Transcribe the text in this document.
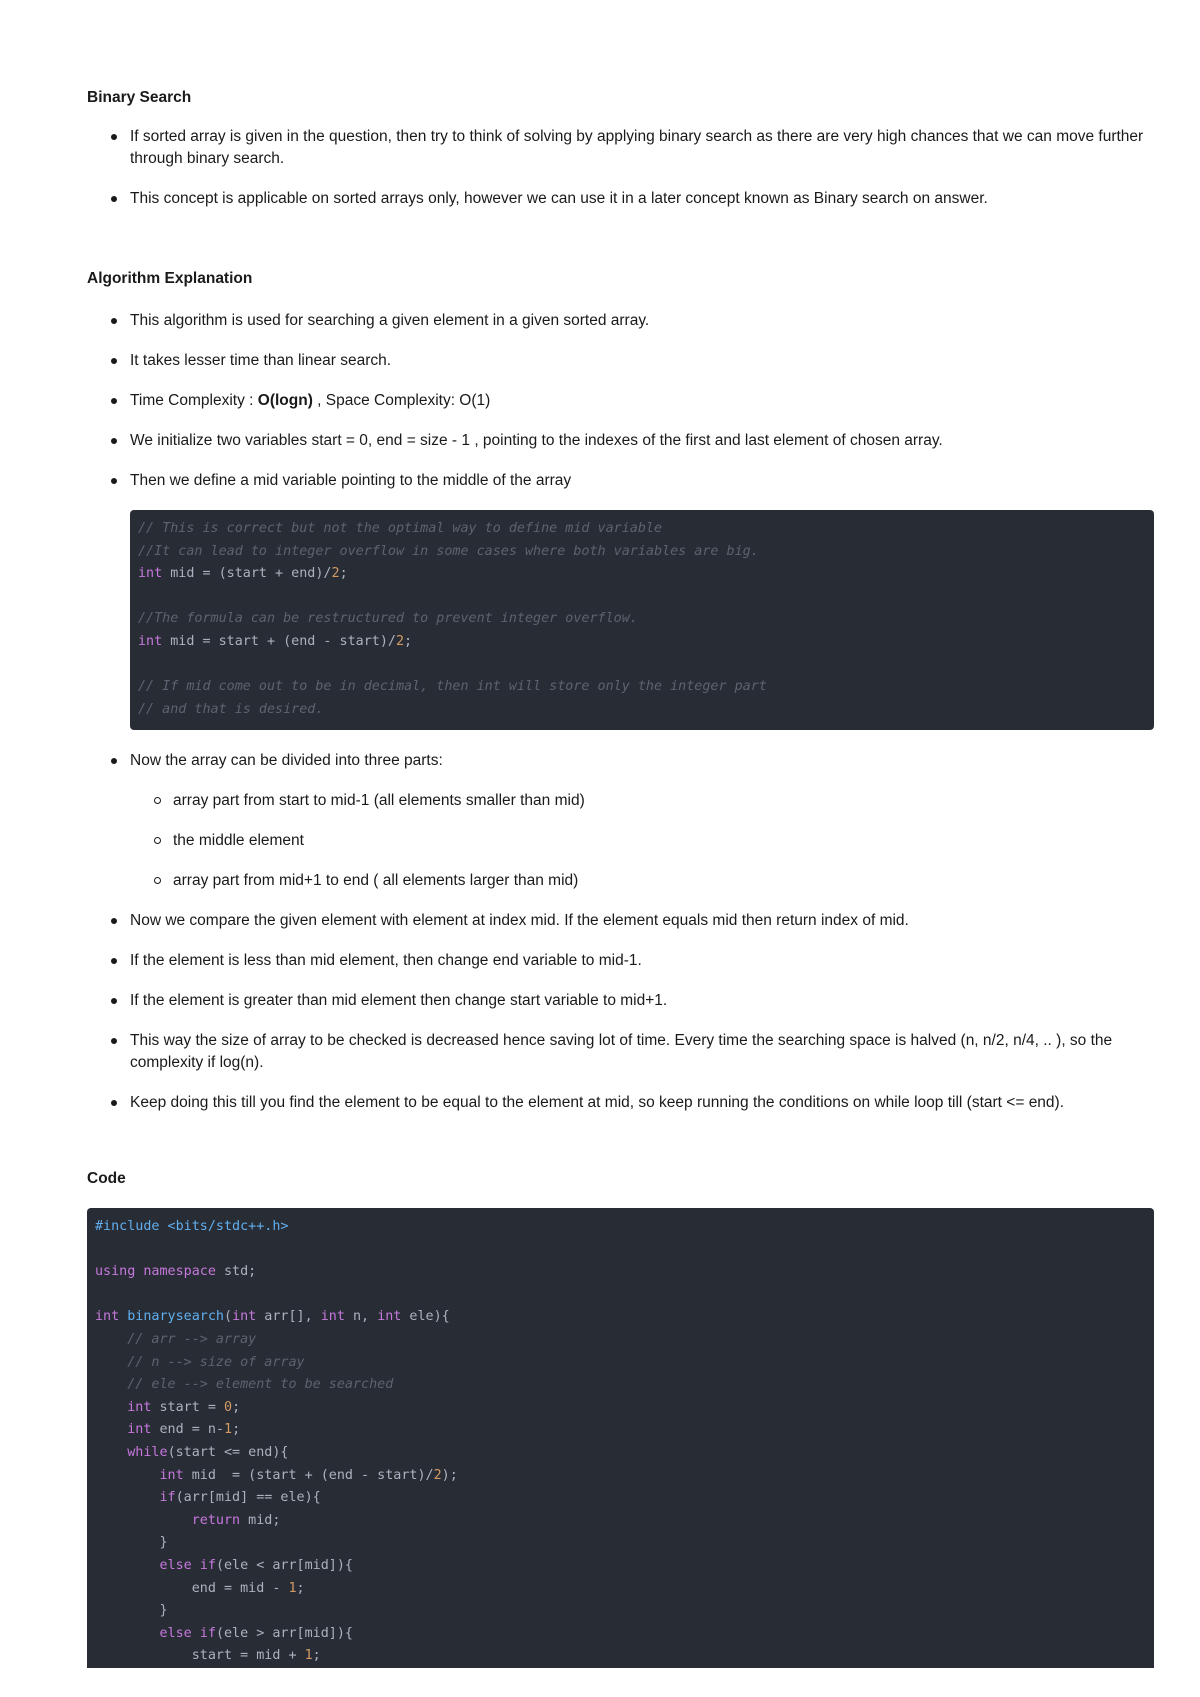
Binary Search
If sorted array is given in the question, then try to think of solving by applying binary search as there are very high chances that we can move further through binary search.
This concept is applicable on sorted arrays only, however we can use it in a later concept known as Binary search on answer.
Algorithm Explanation
This algorithm is used for searching a given element in a given sorted array.
It takes lesser time than linear search.
Time Complexity : O(logn) , Space Complexity: O(1)
We initialize two variables start = 0, end = size - 1 , pointing to the indexes of the first and last element of chosen array.
Then we define a mid variable pointing to the middle of the array
// This is correct but not the optimal way to define mid variable
//It can lead to integer overflow in some cases where both variables are big.
int mid = (start + end)/2;
//The formula can be restructured to prevent integer overflow.
int mid = start + (end - start)/2;
// If mid come out to be in decimal, then int will store only the integer part
// and that is desired.
Now the array can be divided into three parts:
array part from start to mid-1 (all elements smaller than mid)
the middle element
array part from mid+1 to end ( all elements larger than mid)
Now we compare the given element with element at index mid. If the element equals mid then return index of mid.
If the element is less than mid element, then change end variable to mid-1.
If the element is greater than mid element then change start variable to mid+1.
This way the size of array to be checked is decreased hence saving lot of time. Every time the searching space is halved (n, n/2, n/4, .. ), so the complexity if log(n).
Keep doing this till you find the element to be equal to the element at mid, so keep running the conditions on while loop till (start <= end).
Code
#include <bits/stdc++.h>
using namespace std;
int binarysearch(int arr[], int n, int ele){
// arr --> array
// n --> size of array
// ele --> element to be searched
int start = 0;
int end = n-1;
while(start <= end){
int mid  = (start + (end - start)/2);
if(arr[mid] == ele){
return mid;
}
else if(ele < arr[mid]){
end = mid - 1;
}
else if(ele > arr[mid]){
start = mid + 1;
